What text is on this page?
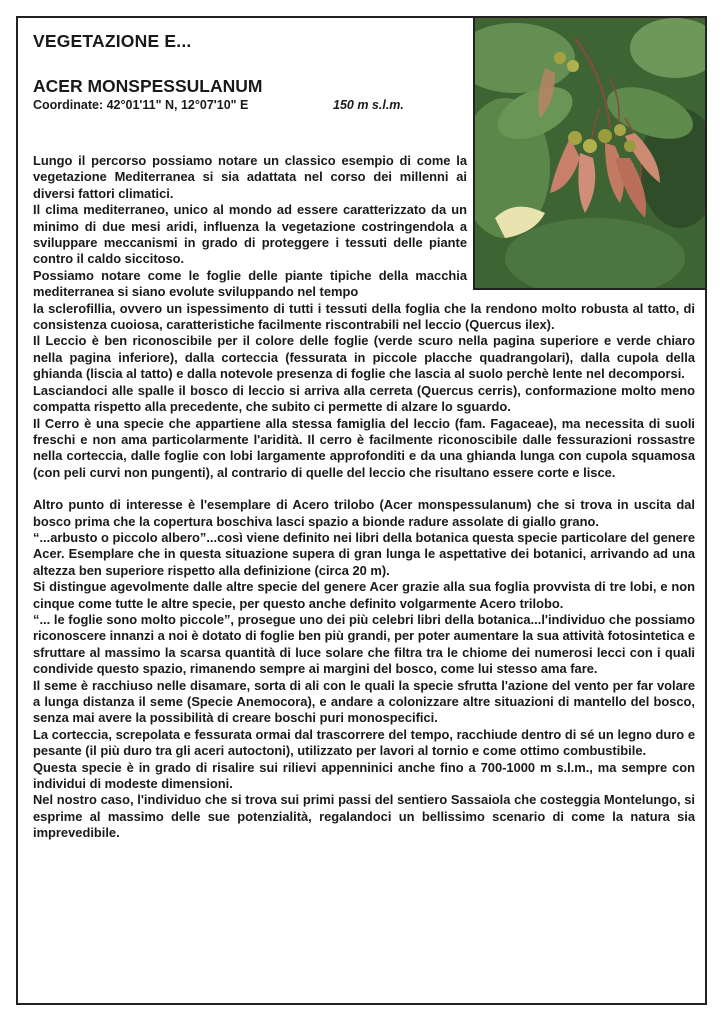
VEGETAZIONE E...
ACER MONSPESSULANUM
Coordinate: 42°01'11" N, 12°07'10" E	150 m s.l.m.

Lungo il percorso possiamo notare un classico esempio di come la vegetazione Mediterranea si sia adattata nel corso dei millenni ai diversi fattori climatici.

Il clima mediterraneo, unico al mondo ad essere caratterizzato da un minimo di due mesi aridi, influenza la vegetazione costringendola a sviluppare meccanismi in grado di proteggere i tessuti delle piante contro il caldo siccitoso.

Possiamo notare come le foglie delle piante tipiche della macchia mediterranea si siano evolute sviluppando nel tempo

la sclerofillia, ovvero un ispessimento di tutti i tessuti della foglia che la rendono molto robusta al tatto, di consistenza cuoiosa, caratteristiche facilmente riscontrabili nel leccio (Quercus ilex).

Il Leccio è ben riconoscibile per il colore delle foglie (verde scuro nella pagina superiore e verde chiaro nella pagina inferiore), dalla corteccia (fessurata in piccole placche quadrangolari), dalla cupola della ghianda (liscia al tatto) e dalla notevole presenza di foglie che lascia al suolo perchè lente nel decomporsi.

Lasciandoci alle spalle il bosco di leccio si arriva alla cerreta (Quercus cerris), conformazione molto meno compatta rispetto alla precedente, che subito ci permette di alzare lo sguardo.

Il Cerro è una specie che appartiene alla stessa famiglia del leccio (fam. Fagaceae), ma necessita di suoli freschi e non ama particolarmente l'aridità. Il cerro è facilmente riconoscibile dalle fessurazioni rossastre nella corteccia, dalle foglie con lobi largamente approfonditi e da una ghianda lunga con cupola squamosa (con peli curvi non pungenti), al contrario di quelle del leccio che risultano essere corte e lisce.

Altro punto di interesse è l'esemplare di Acero trilobo (Acer monspessulanum) che si trova in uscita dal bosco prima che la copertura boschiva lasci spazio a bionde radure assolate di giallo grano.

“...arbusto o piccolo albero”...così viene definito nei libri della botanica questa specie particolare del genere Acer. Esemplare che in questa situazione supera di gran lunga le aspettative dei botanici, arrivando ad una altezza ben superiore rispetto alla definizione (circa 20 m).

Si distingue agevolmente dalle altre specie del genere Acer grazie alla sua foglia provvista di tre lobi, e non cinque come tutte le altre specie, per questo anche definito volgarmente Acero trilobo.

“... le foglie sono molto piccole”, prosegue uno dei più celebri libri della botanica...l'individuo che possiamo riconoscere innanzi a noi è dotato di foglie ben più grandi, per poter aumentare la sua attività fotosintetica e sfruttare al massimo la scarsa quantità di luce solare che filtra tra le chiome dei numerosi lecci con i quali condivide questo spazio, rimanendo sempre ai margini del bosco, come lui stesso ama fare.

Il seme è racchiuso nelle disamare, sorta di ali con le quali la specie sfrutta l'azione del vento per far volare a lunga distanza il seme (Specie Anemocora), e andare a colonizzare altre situazioni di mantello del bosco, senza mai avere la possibilità di creare boschi puri monospecifici.

La corteccia, screpolata e fessurata ormai dal trascorrere del tempo, racchiude dentro di sé un legno duro e pesante (il più duro tra gli aceri autoctoni), utilizzato per lavori al tornio e come ottimo combustibile.

Questa specie è in grado di risalire sui rilievi appenninici anche fino a 700-1000 m s.l.m., ma sempre con individui di modeste dimensioni.

Nel nostro caso, l'individuo che si trova sui primi passi del sentiero Sassaiola che costeggia Montelungo, si esprime al massimo delle sue potenzialità, regalandoci un bellissimo scenario di come la natura sia imprevedibile.
